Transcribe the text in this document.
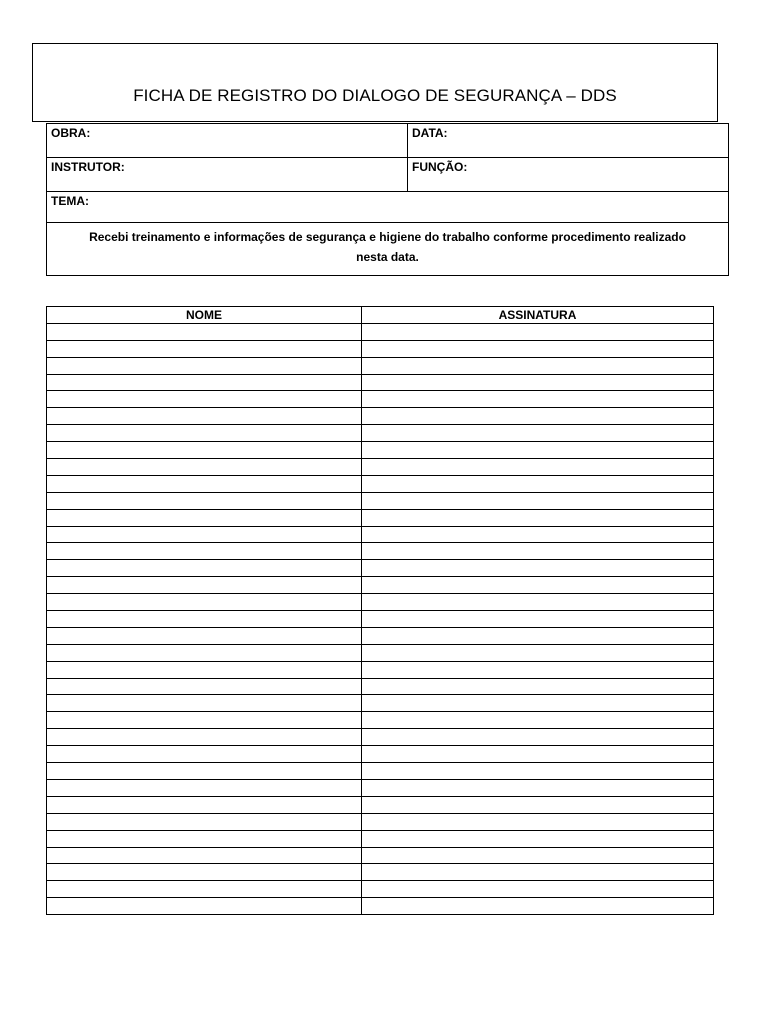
FICHA DE REGISTRO DO DIALOGO DE SEGURANÇA – DDS
OBRA:	DATA:
INSTRUTOR:	FUNÇÃO:
TEMA:	
Recebi treinamento e informações de segurança e higiene do trabalho conforme procedimento realizado nesta data.	
NOME	ASSINATURA
